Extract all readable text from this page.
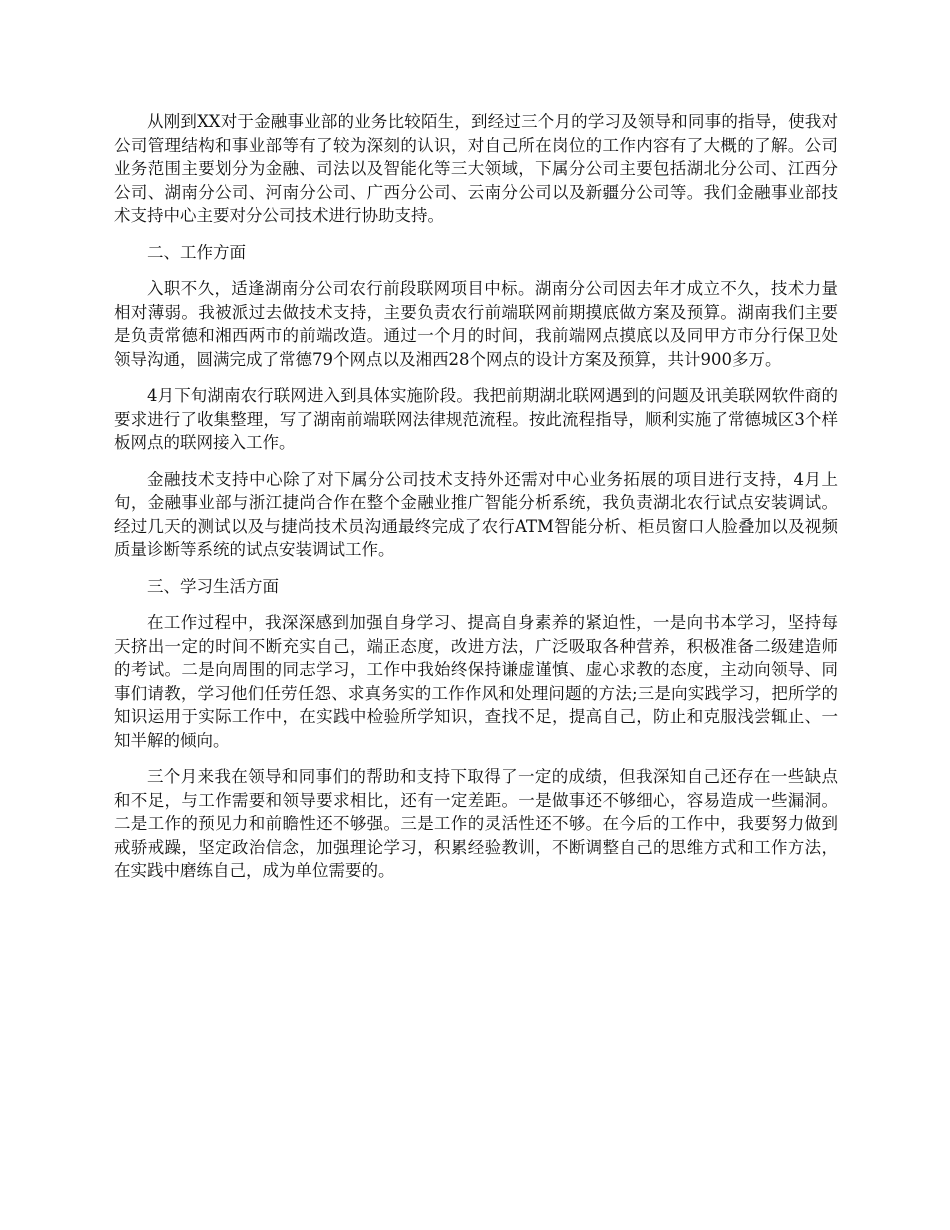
从刚到XX对于金融事业部的业务比较陌生，到经过三个月的学习及领导和同事的指导，使我对公司管理结构和事业部等有了较为深刻的认识，对自己所在岗位的工作内容有了大概的了解。公司业务范围主要划分为金融、司法以及智能化等三大领域，下属分公司主要包括湖北分公司、江西分公司、湖南分公司、河南分公司、广西分公司、云南分公司以及新疆分公司等。我们金融事业部技术支持中心主要对分公司技术进行协助支持。

二、工作方面

入职不久，适逢湖南分公司农行前段联网项目中标。湖南分公司因去年才成立不久，技术力量相对薄弱。我被派过去做技术支持，主要负责农行前端联网前期摸底做方案及预算。湖南我们主要是负责常德和湘西两市的前端改造。通过一个月的时间，我前端网点摸底以及同甲方市分行保卫处领导沟通，圆满完成了常德79个网点以及湘西28个网点的设计方案及预算，共计900多万。

4月下旬湖南农行联网进入到具体实施阶段。我把前期湖北联网遇到的问题及讯美联网软件商的要求进行了收集整理，写了湖南前端联网法律规范流程。按此流程指导，顺利实施了常德城区3个样板网点的联网接入工作。

金融技术支持中心除了对下属分公司技术支持外还需对中心业务拓展的项目进行支持，4月上旬，金融事业部与浙江捷尚合作在整个金融业推广智能分析系统，我负责湖北农行试点安装调试。经过几天的测试以及与捷尚技术员沟通最终完成了农行ATM智能分析、柜员窗口人脸叠加以及视频质量诊断等系统的试点安装调试工作。

三、学习生活方面

在工作过程中，我深深感到加强自身学习、提高自身素养的紧迫性，一是向书本学习，坚持每天挤出一定的时间不断充实自己，端正态度，改进方法，广泛吸取各种营养，积极准备二级建造师的考试。二是向周围的同志学习，工作中我始终保持谦虚谨慎、虚心求教的态度，主动向领导、同事们请教，学习他们任劳任怨、求真务实的工作作风和处理问题的方法;三是向实践学习，把所学的知识运用于实际工作中，在实践中检验所学知识，查找不足，提高自己，防止和克服浅尝辄止、一知半解的倾向。

三个月来我在领导和同事们的帮助和支持下取得了一定的成绩，但我深知自己还存在一些缺点和不足，与工作需要和领导要求相比，还有一定差距。一是做事还不够细心，容易造成一些漏洞。二是工作的预见力和前瞻性还不够强。三是工作的灵活性还不够。在今后的工作中，我要努力做到戒骄戒躁，坚定政治信念，加强理论学习，积累经验教训，不断调整自己的思维方式和工作方法，在实践中磨练自己，成为单位需要的。
